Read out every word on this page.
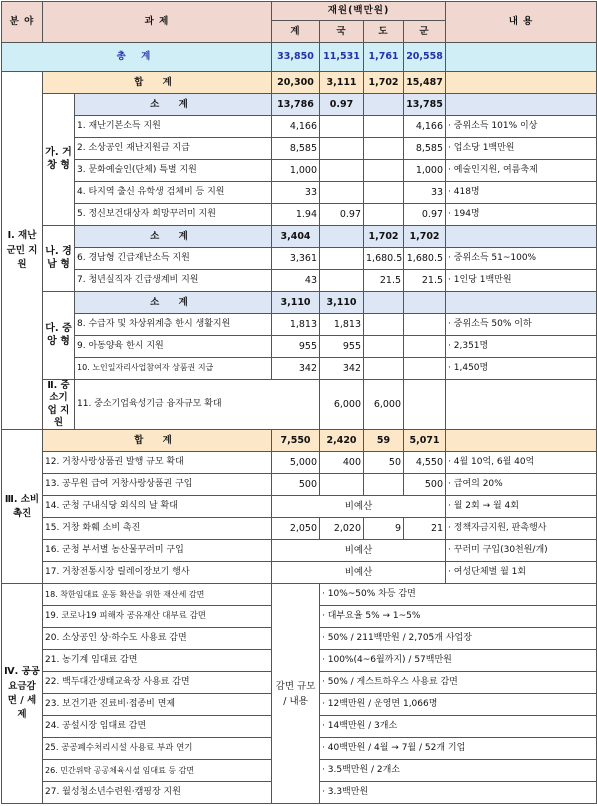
분 야	과 제		재원(백만원)				내 용	
			계	국	도	군		
총 계			33,850	11,531	1,761	20,558		
Ⅰ. 재난 군민 지원	합 계		20,300	3,111	1,702	15,487		
	가. 거 창 형	소 계	13,786	0.97		13,785		
		1. 재난기본소득 지원	4,166			4,166	· 중위소득 101% 이상	
		2. 소상공인 재난지원금 지급	8,585			8,585	· 업소당 1백만원	
		3. 문화예술인(단체) 특별 지원	1,000			1,000	· 예술인지원, 여름축제	
		4. 타지역 출신 유학생 검체비 등 지원	33			33	· 418명	
		5. 정신보건대상자 희망꾸러미 지원	1.94	0.97		0.97	· 194명	
	나. 경 남 형	소 계	3,404		1,702	1,702		
		6. 경남형 긴급재난소득 지원	3,361		1,680.5	1,680.5	· 중위소득 51~100%	
		7. 청년실직자 긴급생계비 지원	43		21.5	21.5	· 1인당 1백만원	
	다. 중 앙 형	소 계	3,110	3,110				
		8. 수급자 및 차상위계층 한시 생활지원	1,813	1,813			· 중위소득 50% 이하	
		9. 아동양육 한시 지원	955	955			· 2,351명	
		10. 노인일자리사업참여자 상품권 지급	342	342			· 1,450명	
	Ⅱ. 중소기업 지원	11. 중소기업육성기금 융자규모 확대		6,000	6,000			
Ⅲ. 소비 촉진	합 계		7,550	2,420	59	5,071		
	12. 거창사랑상품권 발행 규모 확대		5,000	400	50	4,550	· 4월 10억, 6월 40억	
	13. 공무원 급여 거창사랑상품권 구입		500			500	· 급여의 20%	
	14. 군청 구내식당 외식의 날 확대		비예산				· 월 2회 → 월 4회	
	15. 거창 화훼 소비 촉진		2,050	2,020	9	21	· 정책자금지원, 판촉행사	
	16. 군청 부서별 농산물꾸러미 구입		비예산				· 꾸러미 구입(30천원/개)	
	17. 거창전통시장 릴레이장보기 행사		비예산				· 여성단체별 월 1회	
Ⅳ. 공공 요금감면 / 세제	18. 착한임대료 운동 확산을 위한 재산세 감면		감면 규모 / 내용	· 10%~50% 차등 감면				
	19. 코로나19 피해자 공유재산 대부료 감면			· 대부요율 5% → 1~5%				
	20. 소상공인 상·하수도 사용료 감면			· 50% / 211백만원 / 2,705개 사업장				
	21. 농기계 임대료 감면			· 100%(4~6월까지) / 57백만원				
	22. 백두대간생태교육장 사용료 감면			· 50% / 게스트하우스 사용료 감면				
	23. 보건기관 진료비·접종비 면제			· 12백만원 / 운영면 1,066명				
	24. 공설시장 임대료 감면			· 14백만원 / 3개소				
	25. 공공폐수처리시설 사용료 부과 연기			· 40백만원 / 4월 → 7월 / 52개 기업				
	26. 민간위탁 공공체육시설 임대료 등 감면			· 3.5백만원 / 2개소				
	27. 월성청소년수련원·캠핑장 지원			· 3.3백만원				
